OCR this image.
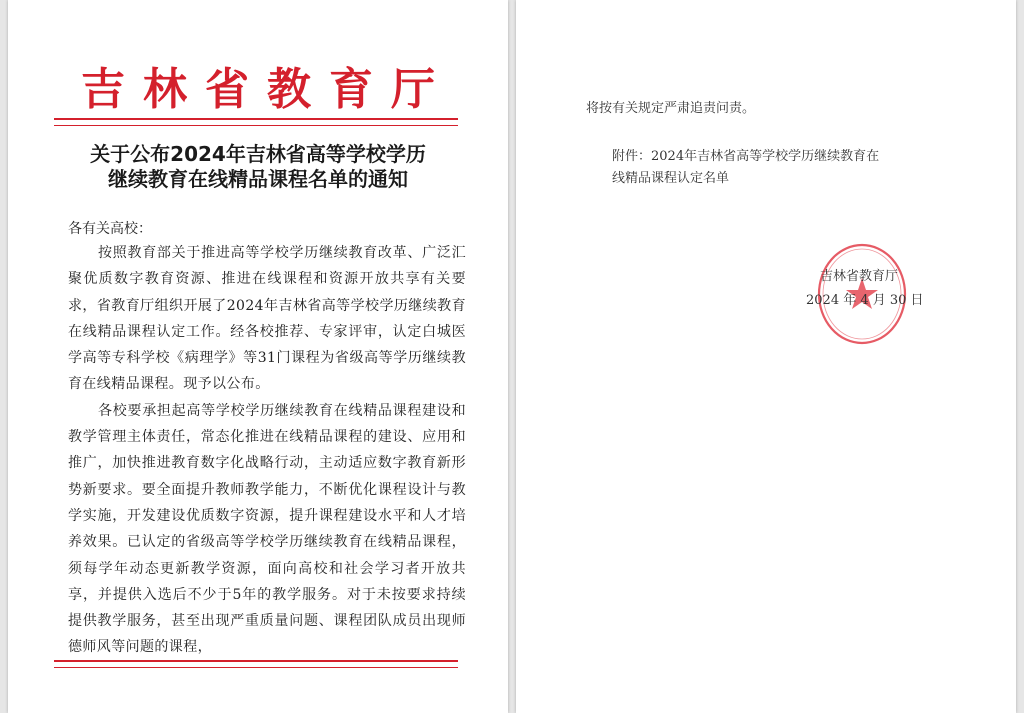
吉林省教育厅
关于公布2024年吉林省高等学校学历
继续教育在线精品课程名单的通知
各有关高校：

按照教育部关于推进高等学校学历继续教育改革、广泛汇聚优质数字教育资源、推进在线课程和资源开放共享有关要求，省教育厅组织开展了2024年吉林省高等学校学历继续教育在线精品课程认定工作。经各校推荐、专家评审，认定白城医学高等专科学校《病理学》等31门课程为省级高等学历继续教育在线精品课程。现予以公布。

各校要承担起高等学校学历继续教育在线精品课程建设和教学管理主体责任，常态化推进在线精品课程的建设、应用和推广，加快推进教育数字化战略行动，主动适应数字教育新形势新要求。要全面提升教师教学能力，不断优化课程设计与教学实施，开发建设优质数字资源，提升课程建设水平和人才培养效果。已认定的省级高等学校学历继续教育在线精品课程，须每学年动态更新教学资源，面向高校和社会学习者开放共享，并提供入选后不少于5年的教学服务。对于未按要求持续提供教学服务，甚至出现严重质量问题、课程团队成员出现师德师风等问题的课程，

将按有关规定严肃追责问责。
附件：2024年吉林省高等学校学历继续教育在线精品课程认定名单
吉林省教育厅
2024 年 4 月 30 日
